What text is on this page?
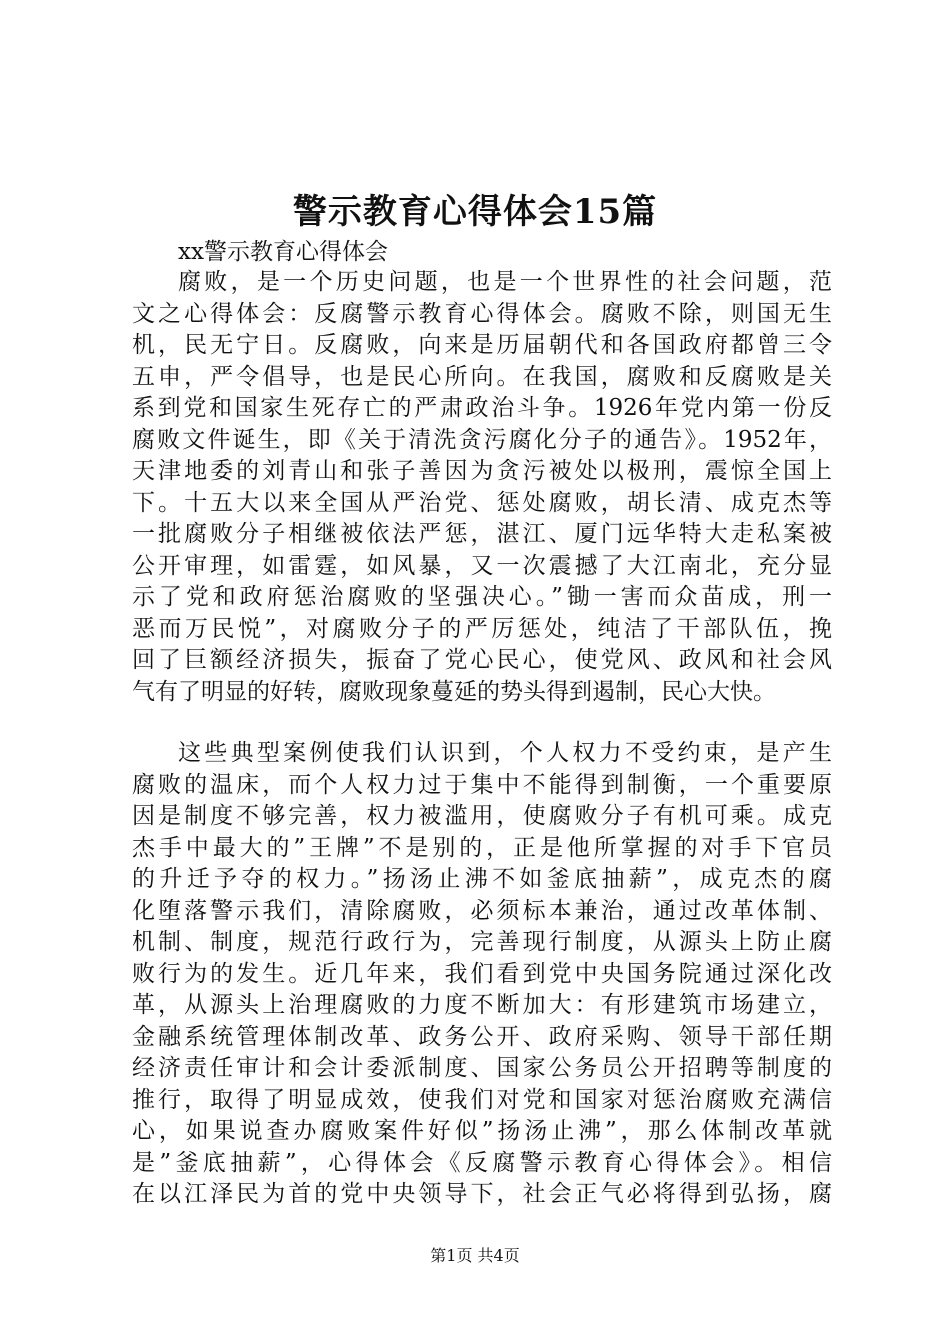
警示教育心得体会15篇

xx警示教育心得体会

腐败，是一个历史问题，也是一个世界性的社会问题，范

文之心得体会：反腐警示教育心得体会。腐败不除，则国无生

机，民无宁日。反腐败，向来是历届朝代和各国政府都曾三令

五申，严令倡导，也是民心所向。在我国，腐败和反腐败是关

系到党和国家生死存亡的严肃政治斗争。1926年党内第一份反

腐败文件诞生，即《关于清洗贪污腐化分子的通告》。1952年，

天津地委的刘青山和张子善因为贪污被处以极刑，震惊全国上

下。十五大以来全国从严治党、惩处腐败，胡长清、成克杰等

一批腐败分子相继被依法严惩，湛江、厦门远华特大走私案被

公开审理，如雷霆，如风暴，又一次震撼了大江南北，充分显

示了党和政府惩治腐败的坚强决心。”锄一害而众苗成，刑一

恶而万民悦”，对腐败分子的严厉惩处，纯洁了干部队伍，挽

回了巨额经济损失，振奋了党心民心，使党风、政风和社会风

气有了明显的好转，腐败现象蔓延的势头得到遏制，民心大快。

这些典型案例使我们认识到，个人权力不受约束，是产生

腐败的温床，而个人权力过于集中不能得到制衡，一个重要原

因是制度不够完善，权力被滥用，使腐败分子有机可乘。成克

杰手中最大的”王牌”不是别的，正是他所掌握的对手下官员

的升迁予夺的权力。”扬汤止沸不如釜底抽薪”，成克杰的腐

化堕落警示我们，清除腐败，必须标本兼治，通过改革体制、

机制、制度，规范行政行为，完善现行制度，从源头上防止腐

败行为的发生。近几年来，我们看到党中央国务院通过深化改

革，从源头上治理腐败的力度不断加大：有形建筑市场建立，

金融系统管理体制改革、政务公开、政府采购、领导干部任期

经济责任审计和会计委派制度、国家公务员公开招聘等制度的

推行，取得了明显成效，使我们对党和国家对惩治腐败充满信

心，如果说查办腐败案件好似”扬汤止沸”，那么体制改革就

是”釜底抽薪”，心得体会《反腐警示教育心得体会》。相信

在以江泽民为首的党中央领导下，社会正气必将得到弘扬，腐

第1页 共4页
